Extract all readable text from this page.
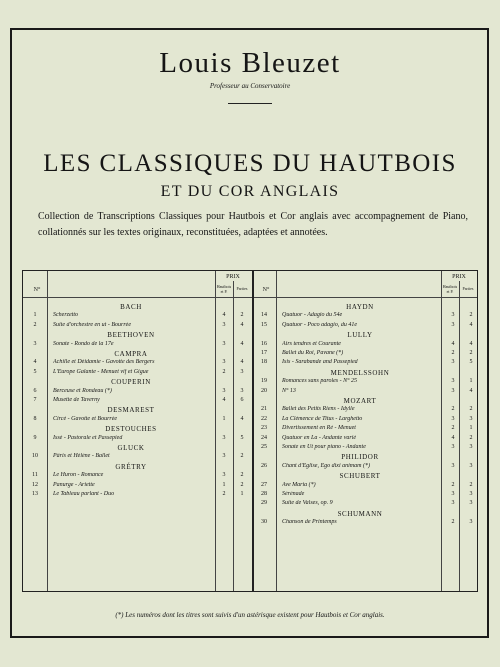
Louis Bleuzet
Professeur au Conservatoire
LES CLASSIQUES DU HAUTBOIS
ET DU COR ANGLAIS
Collection de Transcriptions Classiques pour Hautbois et Cor anglais avec accompagnement de Piano, collationnés sur les textes originaux, reconstituées, adaptées et annotées.
N°
PRIX
Hautbois et P.
Parties	N°
PRIX
Hautbois et P.
Parties
BACH
1	Scherzetto	4	2
2	Suite d'orchestre en ut - Bourrée	3	4
BEETHOVEN
3	Sonate - Rondo de la 17e	3	4
CAMPRA
4	Achille et Déidamie - Gavotte des Bergers	3	4
5	L'Europe Galante - Menuet vif et Gigue	2	3
COUPERIN
6	Berceuse et Rondeau (*)	3	3
7	Musette de Taverny	4	6
DESMAREST
8	Circé - Gavotte et Bourrée	1	4
DESTOUCHES
9	Issé - Pastorale et Passepied	3	5
GLUCK
10	Pâris et Hélène - Ballet	3	2
GRÉTRY
11	Le Huron - Romance	3	2
12	Panurge - Ariette	1	2
13	Le Tableau parlant - Duo	2	1
HAYDN
14	Quatuor - Adagio du 54e	3	2
15	Quatuor - Poco adagio, du 41e	3	4
LULLY
16	Airs tendres et Courante	4	4
17	Ballet du Roi, Pavane (*)	2	2
18	Isis - Sarabande and Passepied	3	5
MENDELSSOHN
19	Romances sans paroles - N° 25	3	1
20	N° 13	3	4
MOZART
21	Ballet des Petits Riens - Idylle	2	2
22	La Clémence de Titus - Larghetto	3	3
23	Divertissement en Ré - Menuet	2	1
24	Quatuor en La - Andante varié	4	2
25	Sonate en Ut pour piano - Andante	3	3
PHILIDOR
26	Chant d'Église, Ego dixi animam (*)	3	3
SCHUBERT
27	Ave Maria (*)	2	2
28	Sérénade	3	3
29	Suite de Valses, op. 9	3	3
SCHUMANN
30	Chanson de Printemps	2	3
(*) Les numéros dont les titres sont suivis d'un astérisque existent pour Hautbois et Cor anglais.
